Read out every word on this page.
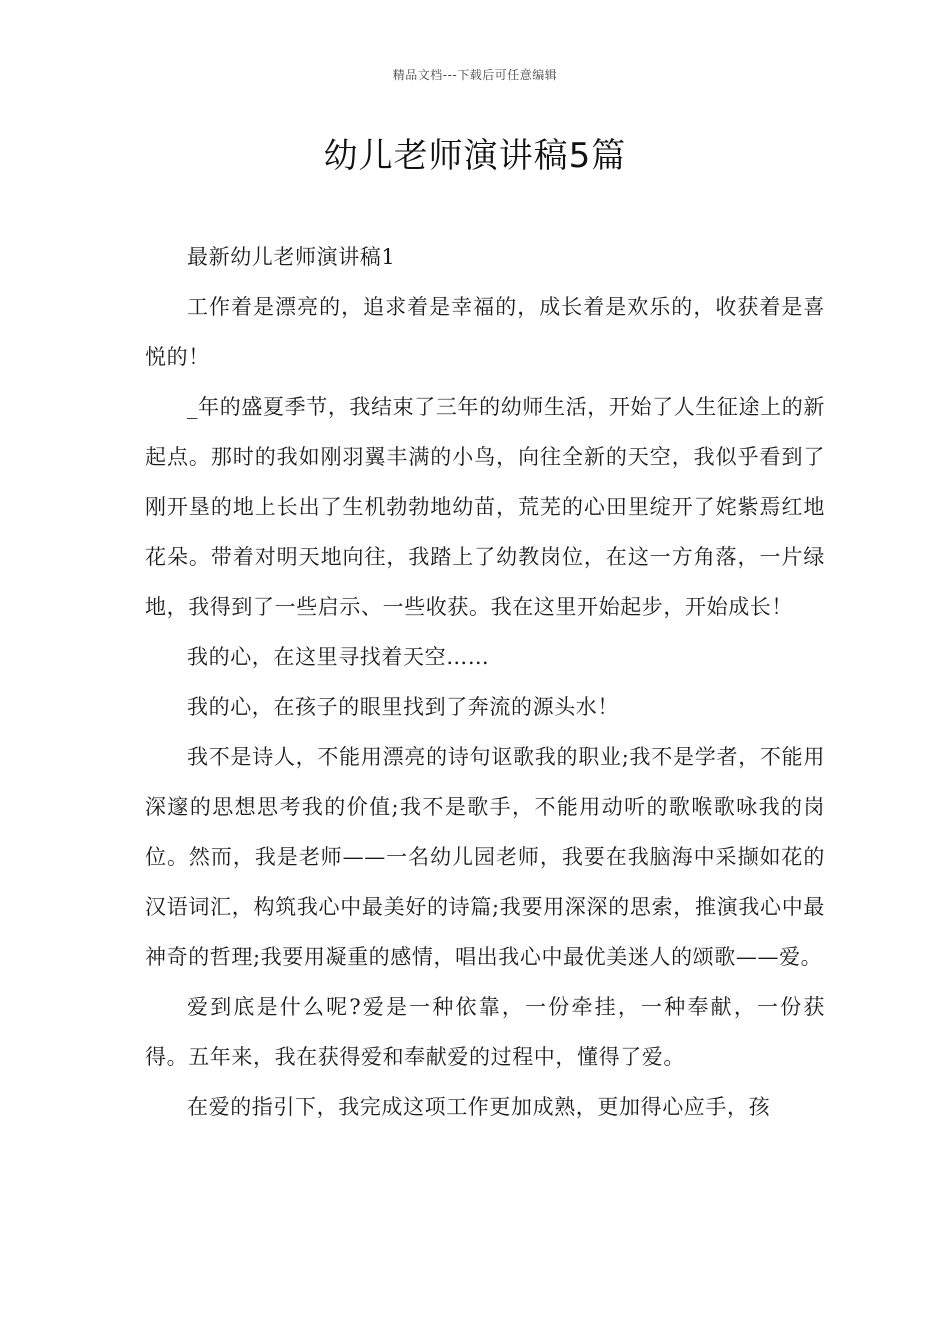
精品文档---下载后可任意编辑
幼儿老师演讲稿5篇

最新幼儿老师演讲稿1

工作着是漂亮的，追求着是幸福的，成长着是欢乐的，收获着是喜悦的！

_年的盛夏季节，我结束了三年的幼师生活，开始了人生征途上的新起点。那时的我如刚羽翼丰满的小鸟，向往全新的天空，我似乎看到了刚开垦的地上长出了生机勃勃地幼苗，荒芜的心田里绽开了姹紫焉红地花朵。带着对明天地向往，我踏上了幼教岗位，在这一方角落，一片绿地，我得到了一些启示、一些收获。我在这里开始起步，开始成长！

我的心，在这里寻找着天空……

我的心，在孩子的眼里找到了奔流的源头水！

我不是诗人，不能用漂亮的诗句讴歌我的职业;我不是学者，不能用深邃的思想思考我的价值;我不是歌手，不能用动听的歌喉歌咏我的岗位。然而，我是老师——一名幼儿园老师，我要在我脑海中采撷如花的汉语词汇，构筑我心中最美好的诗篇;我要用深深的思索，推演我心中最神奇的哲理;我要用凝重的感情，唱出我心中最优美迷人的颂歌——爱。

爱到底是什么呢?爱是一种依靠，一份牵挂，一种奉献，一份获得。五年来，我在获得爱和奉献爱的过程中，懂得了爱。

在爱的指引下，我完成这项工作更加成熟，更加得心应手，孩
